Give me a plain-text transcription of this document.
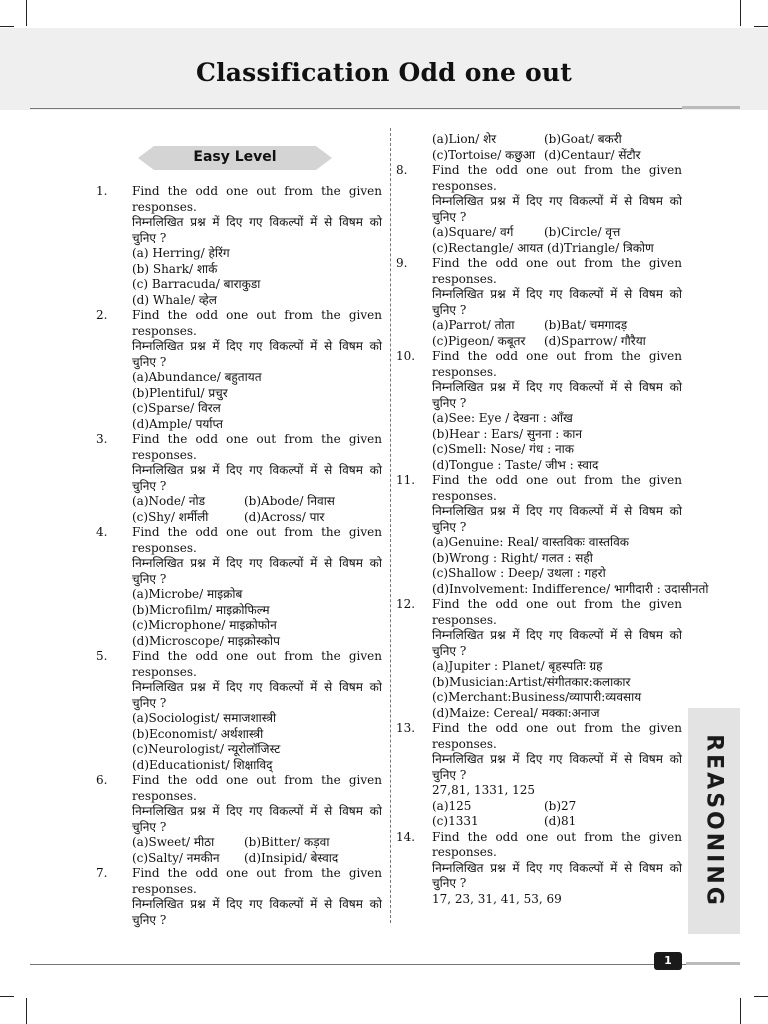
Classification Odd one out
Easy Level
1. Find the odd one out from the given responses.
निम्नलिखित प्रश्न में दिए गए विकल्पों में से विषम को चुनिए ?
(a) Herring/ हेरिंग
(b) Shark/ शार्क
(c) Barracuda/ बाराकुडा
(d) Whale/ व्हेल
2. Find the odd one out from the given responses.
निम्नलिखित प्रश्न में दिए गए विकल्पों में से विषम को चुनिए ?
(a)Abundance/ बहुतायत
(b)Plentiful/ प्रचुर
(c)Sparse/ विरल
(d)Ample/ पर्याप्त
3. Find the odd one out from the given responses.
निम्नलिखित प्रश्न में दिए गए विकल्पों में से विषम को चुनिए ?
(a)Node/ नोड	(b)Abode/ निवास
(c)Shy/ शर्मीली	(d)Across/ पार
4. Find the odd one out from the given responses.
निम्नलिखित प्रश्न में दिए गए विकल्पों में से विषम को चुनिए ?
(a)Microbe/ माइक्रोब
(b)Microfilm/ माइक्रोफिल्म
(c)Microphone/ माइक्रोफोन
(d)Microscope/ माइक्रोस्कोप
5. Find the odd one out from the given responses.
निम्नलिखित प्रश्न में दिए गए विकल्पों में से विषम को चुनिए ?
(a)Sociologist/ समाजशास्त्री
(b)Economist/ अर्थशास्त्री
(c)Neurologist/ न्यूरोलॉजिस्ट
(d)Educationist/ शिक्षाविद्
6. Find the odd one out from the given responses.
निम्नलिखित प्रश्न में दिए गए विकल्पों में से विषम को चुनिए ?
(a)Sweet/ मीठा	(b)Bitter/ कड़वा
(c)Salty/ नमकीन	(d)Insipid/ बेस्वाद
7. Find the odd one out from the given responses.
निम्नलिखित प्रश्न में दिए गए विकल्पों में से विषम को चुनिए ?
(a)Lion/ शेर	(b)Goat/ बकरी
(c)Tortoise/ कछुआ (d)Centaur/ सेंटौर
8. Find the odd one out from the given responses.
निम्नलिखित प्रश्न में दिए गए विकल्पों में से विषम को चुनिए ?
(a)Square/ वर्ग	(b)Circle/ वृत्त
(c)Rectangle/ आयत (d)Triangle/ त्रिकोण
9. Find the odd one out from the given responses.
निम्नलिखित प्रश्न में दिए गए विकल्पों में से विषम को चुनिए ?
(a)Parrot/ तोता	(b)Bat/ चमगादड़
(c)Pigeon/ कबूतर	(d)Sparrow/ गौरैया
10. Find the odd one out from the given responses.
निम्नलिखित प्रश्न में दिए गए विकल्पों में से विषम को चुनिए ?
(a)See: Eye / देखना : आँख
(b)Hear : Ears/ सुनना : कान
(c)Smell: Nose/ गंध : नाक
(d)Tongue : Taste/ जीभ : स्वाद
11. Find the odd one out from the given responses.
निम्नलिखित प्रश्न में दिए गए विकल्पों में से विषम को चुनिए ?
(a)Genuine: Real/ वास्तविकः वास्तविक
(b)Wrong : Right/ गलत : सही
(c)Shallow : Deep/ उथला : गहरो
(d)Involvement: Indifference/ भागीदारी : उदासीनतो
12. Find the odd one out from the given responses.
निम्नलिखित प्रश्न में दिए गए विकल्पों में से विषम को चुनिए ?
(a)Jupiter : Planet/ बृहस्पतिः ग्रह
(b)Musician:Artist/संगीतकार:कलाकार
(c)Merchant:Business/व्यापारी:व्यवसाय
(d)Maize: Cereal/ मक्का:अनाज
13. Find the odd one out from the given responses.
निम्नलिखित प्रश्न में दिए गए विकल्पों में से विषम को चुनिए ?
27,81, 1331, 125
(a)125	(b)27
(c)1331	(d)81
14. Find the odd one out from the given responses.
निम्नलिखित प्रश्न में दिए गए विकल्पों में से विषम को चुनिए ?
17, 23, 31, 41, 53, 69	REASONING
1
